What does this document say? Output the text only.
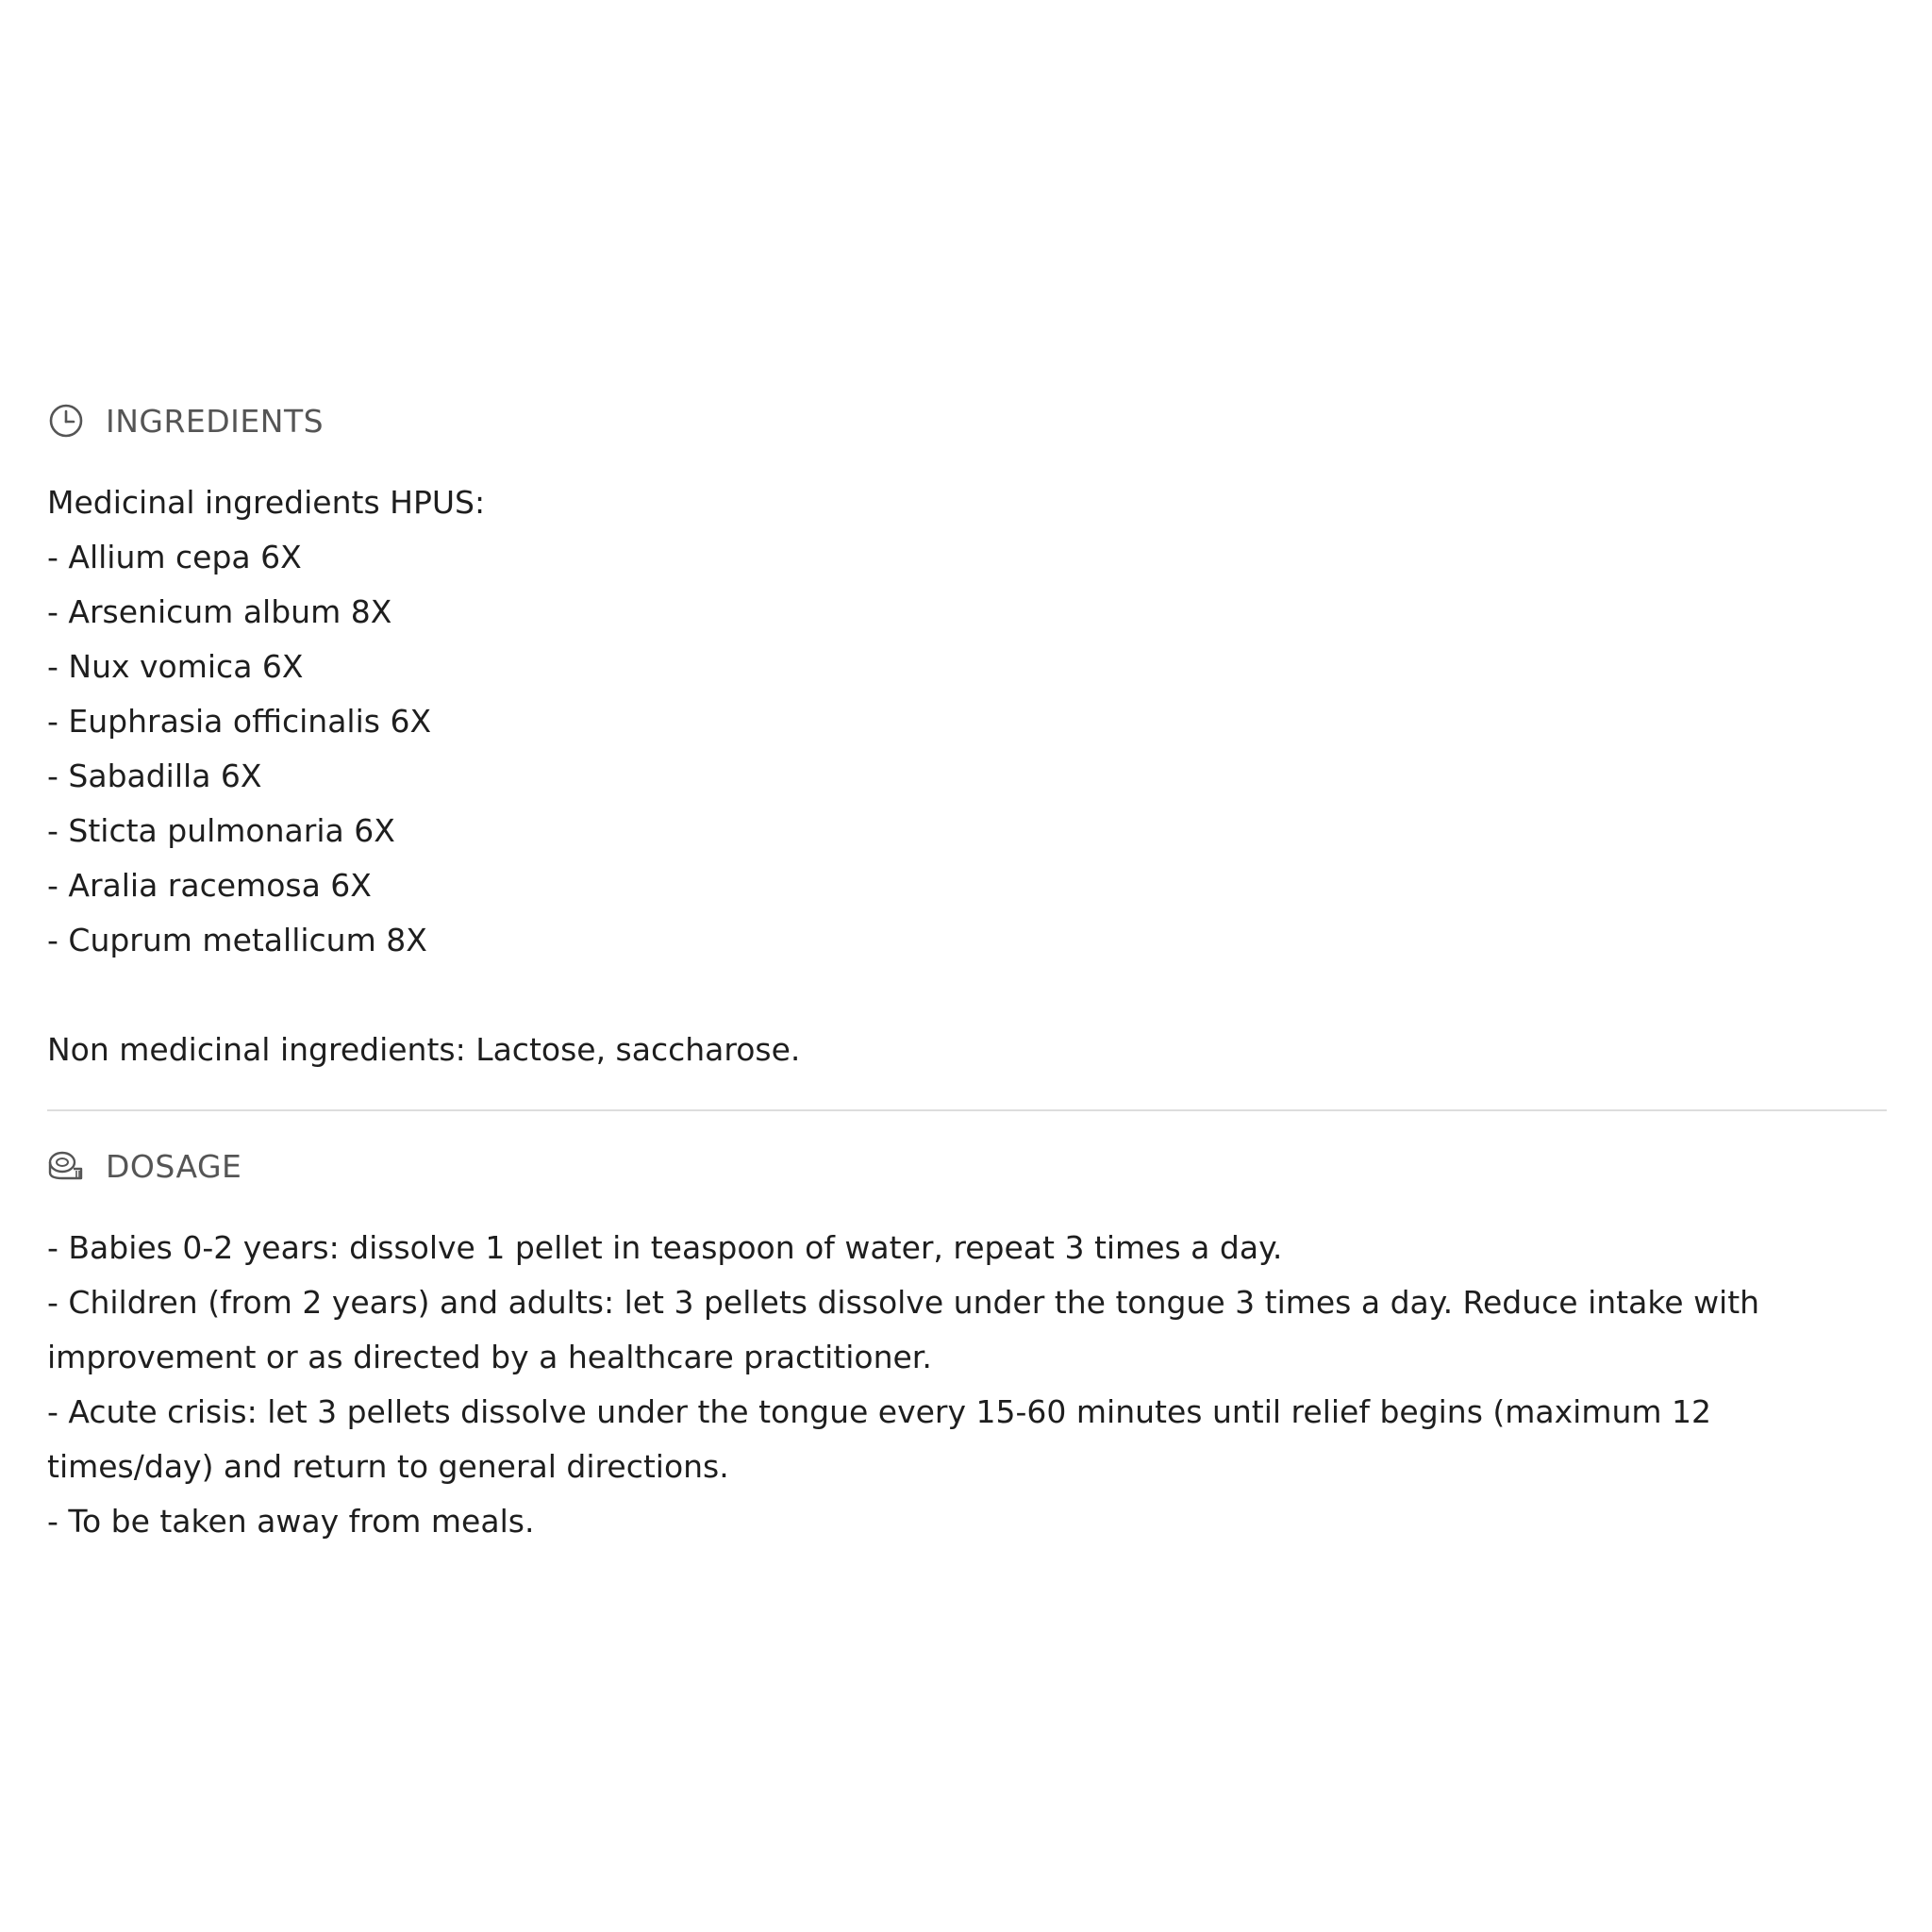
INGREDIENTS
Medicinal ingredients HPUS:
- Allium cepa 6X
- Arsenicum album 8X
- Nux vomica 6X
- Euphrasia officinalis 6X
- Sabadilla 6X
- Sticta pulmonaria 6X
- Aralia racemosa 6X
- Cuprum metallicum 8X
Non medicinal ingredients: Lactose, saccharose.
DOSAGE
- Babies 0-2 years: dissolve 1 pellet in teaspoon of water, repeat 3 times a day.
- Children (from 2 years) and adults: let 3 pellets dissolve under the tongue 3 times a day. Reduce intake with improvement or as directed by a healthcare practitioner.
- Acute crisis: let 3 pellets dissolve under the tongue every 15-60 minutes until relief begins (maximum 12 times/day) and return to general directions.
- To be taken away from meals.
